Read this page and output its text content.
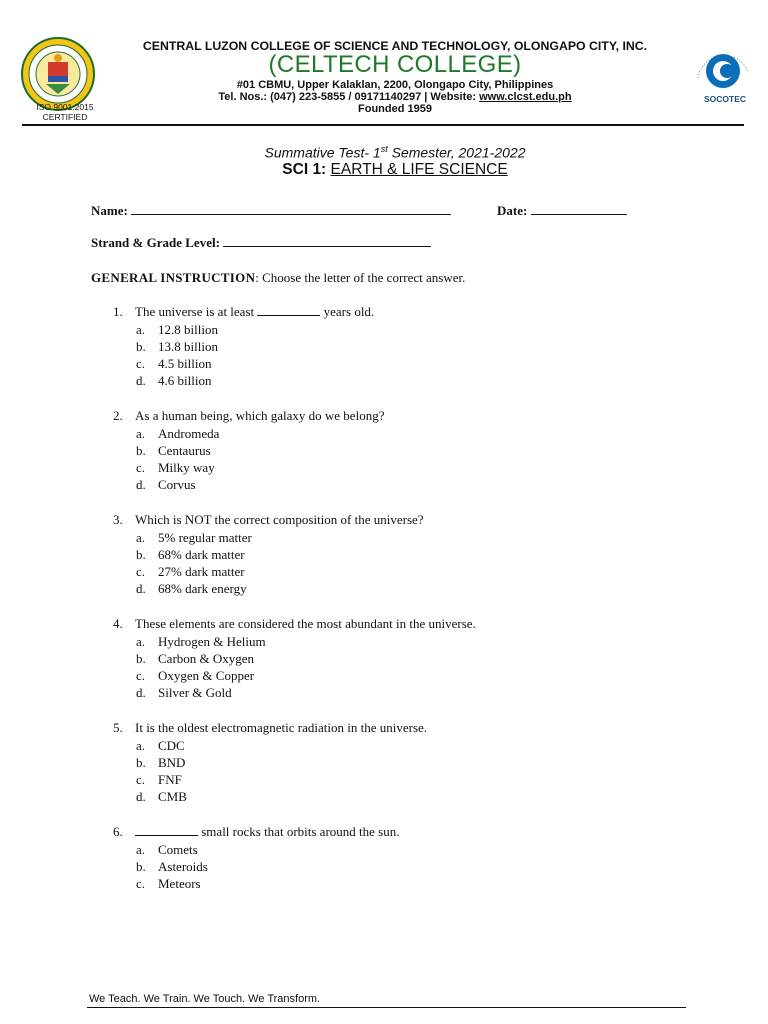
ISO 9001:2015
CERTIFIED
CENTRAL LUZON COLLEGE OF SCIENCE AND TECHNOLOGY, OLONGAPO CITY, INC.
(CELTECH COLLEGE)
#01 CBMU, Upper Kalaklan, 2200, Olongapo City, Philippines
Tel. Nos.: (047) 223-5855 / 09171140297 | Website: www.clcst.edu.ph
Founded 1959
SOCOTEC
Summative Test- 1st Semester, 2021-2022
SCI 1: EARTH & LIFE SCIENCE
Name:	Date:
Strand & Grade Level:
GENERAL INSTRUCTION: Choose the letter of the correct answer.
1. The universe is at least	years old.
a. 12.8 billion
b. 13.8 billion
c. 4.5 billion
d. 4.6 billion
2. As a human being, which galaxy do we belong?
a. Andromeda
b. Centaurus
c. Milky way
d. Corvus
3. Which is NOT the correct composition of the universe?
a. 5% regular matter
b. 68% dark matter
c. 27% dark matter
d. 68% dark energy
4. These elements are considered the most abundant in the universe.
a. Hydrogen & Helium
b. Carbon & Oxygen
c. Oxygen & Copper
d. Silver & Gold
5. It is the oldest electromagnetic radiation in the universe.
a. CDC
b. BND
c. FNF
d. CMB
6.	small rocks that orbits around the sun.
a. Comets
b. Asteroids
c. Meteors
We Teach. We Train. We Touch. We Transform.
